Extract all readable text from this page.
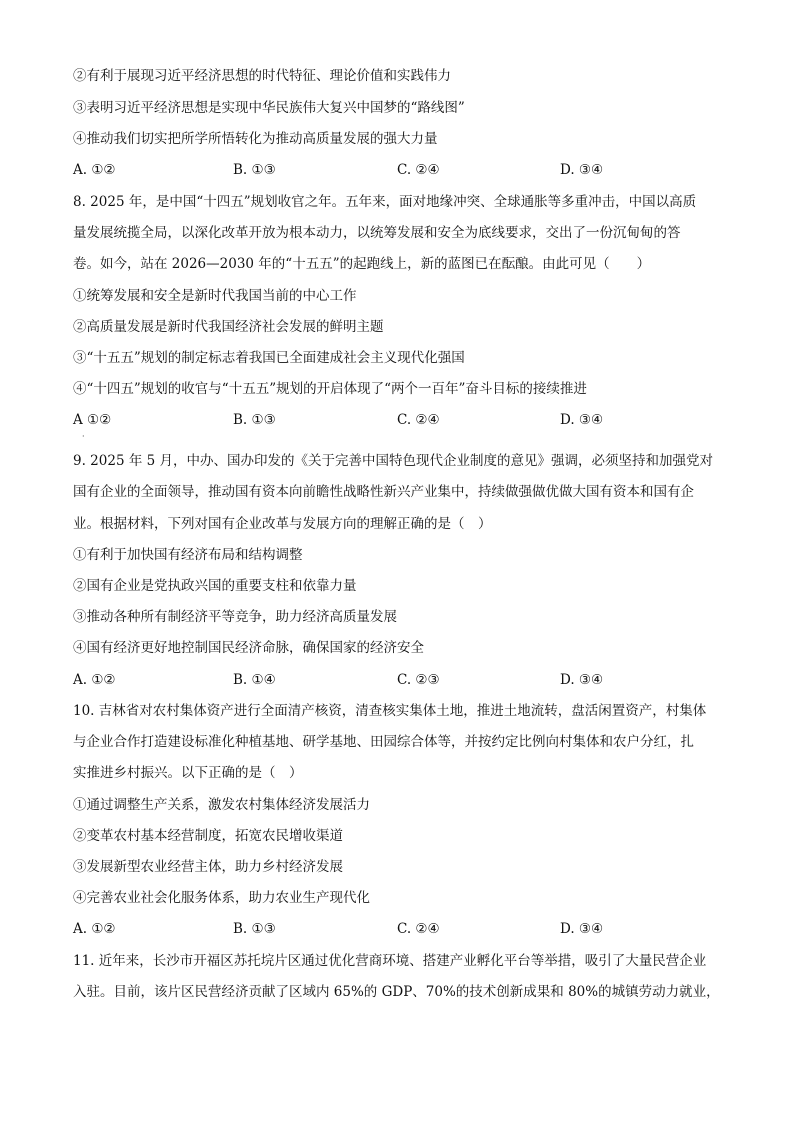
②有利于展现习近平经济思想的时代特征、理论价值和实践伟力
③表明习近平经济思想是实现中华民族伟大复兴中国梦的“路线图”
④推动我们切实把所学所悟转化为推动高质量发展的强大力量
A. ①②	B. ①③	C. ②④	D. ③④
8. 2025 年，是中国“十四五”规划收官之年。五年来，面对地缘冲突、全球通胀等多重冲击，中国以高质
量发展统揽全局，以深化改革开放为根本动力，以统筹发展和安全为底线要求，交出了一份沉甸甸的答
卷。如今，站在 2026—2030 年的“十五五”的起跑线上，新的蓝图已在酝酿。由此可见（　　）
①统筹发展和安全是新时代我国当前的中心工作
②高质量发展是新时代我国经济社会发展的鲜明主题
③“十五五”规划的制定标志着我国已全面建成社会主义现代化强国
④“十四五”规划的收官与“十五五”规划的开启体现了“两个一百年”奋斗目标的接续推进
A ①②	B. ①③	C. ②④	D. ③④
·
9. 2025 年 5 月，中办、国办印发的《关于完善中国特色现代企业制度的意见》强调，必须坚持和加强党对
国有企业的全面领导，推动国有资本向前瞻性战略性新兴产业集中，持续做强做优做大国有资本和国有企
业。根据材料，下列对国有企业改革与发展方向的理解正确的是（　）
①有利于加快国有经济布局和结构调整
②国有企业是党执政兴国的重要支柱和依靠力量
③推动各种所有制经济平等竞争，助力经济高质量发展
④国有经济更好地控制国民经济命脉，确保国家的经济安全
A. ①②	B. ①④	C. ②③	D. ③④
10. 吉林省对农村集体资产进行全面清产核资，清查核实集体土地，推进土地流转，盘活闲置资产，村集体
与企业合作打造建设标准化种植基地、研学基地、田园综合体等，并按约定比例向村集体和农户分红，扎
实推进乡村振兴。以下正确的是（　）
①通过调整生产关系，激发农村集体经济发展活力
②变革农村基本经营制度，拓宽农民增收渠道
③发展新型农业经营主体，助力乡村经济发展
④完善农业社会化服务体系，助力农业生产现代化
A. ①②	B. ①③	C. ②④	D. ③④
11. 近年来，长沙市开福区苏托垸片区通过优化营商环境、搭建产业孵化平台等举措，吸引了大量民营企业
入驻。目前，该片区民营经济贡献了区域内 65%的 GDP、70%的技术创新成果和 80%的城镇劳动力就业，
